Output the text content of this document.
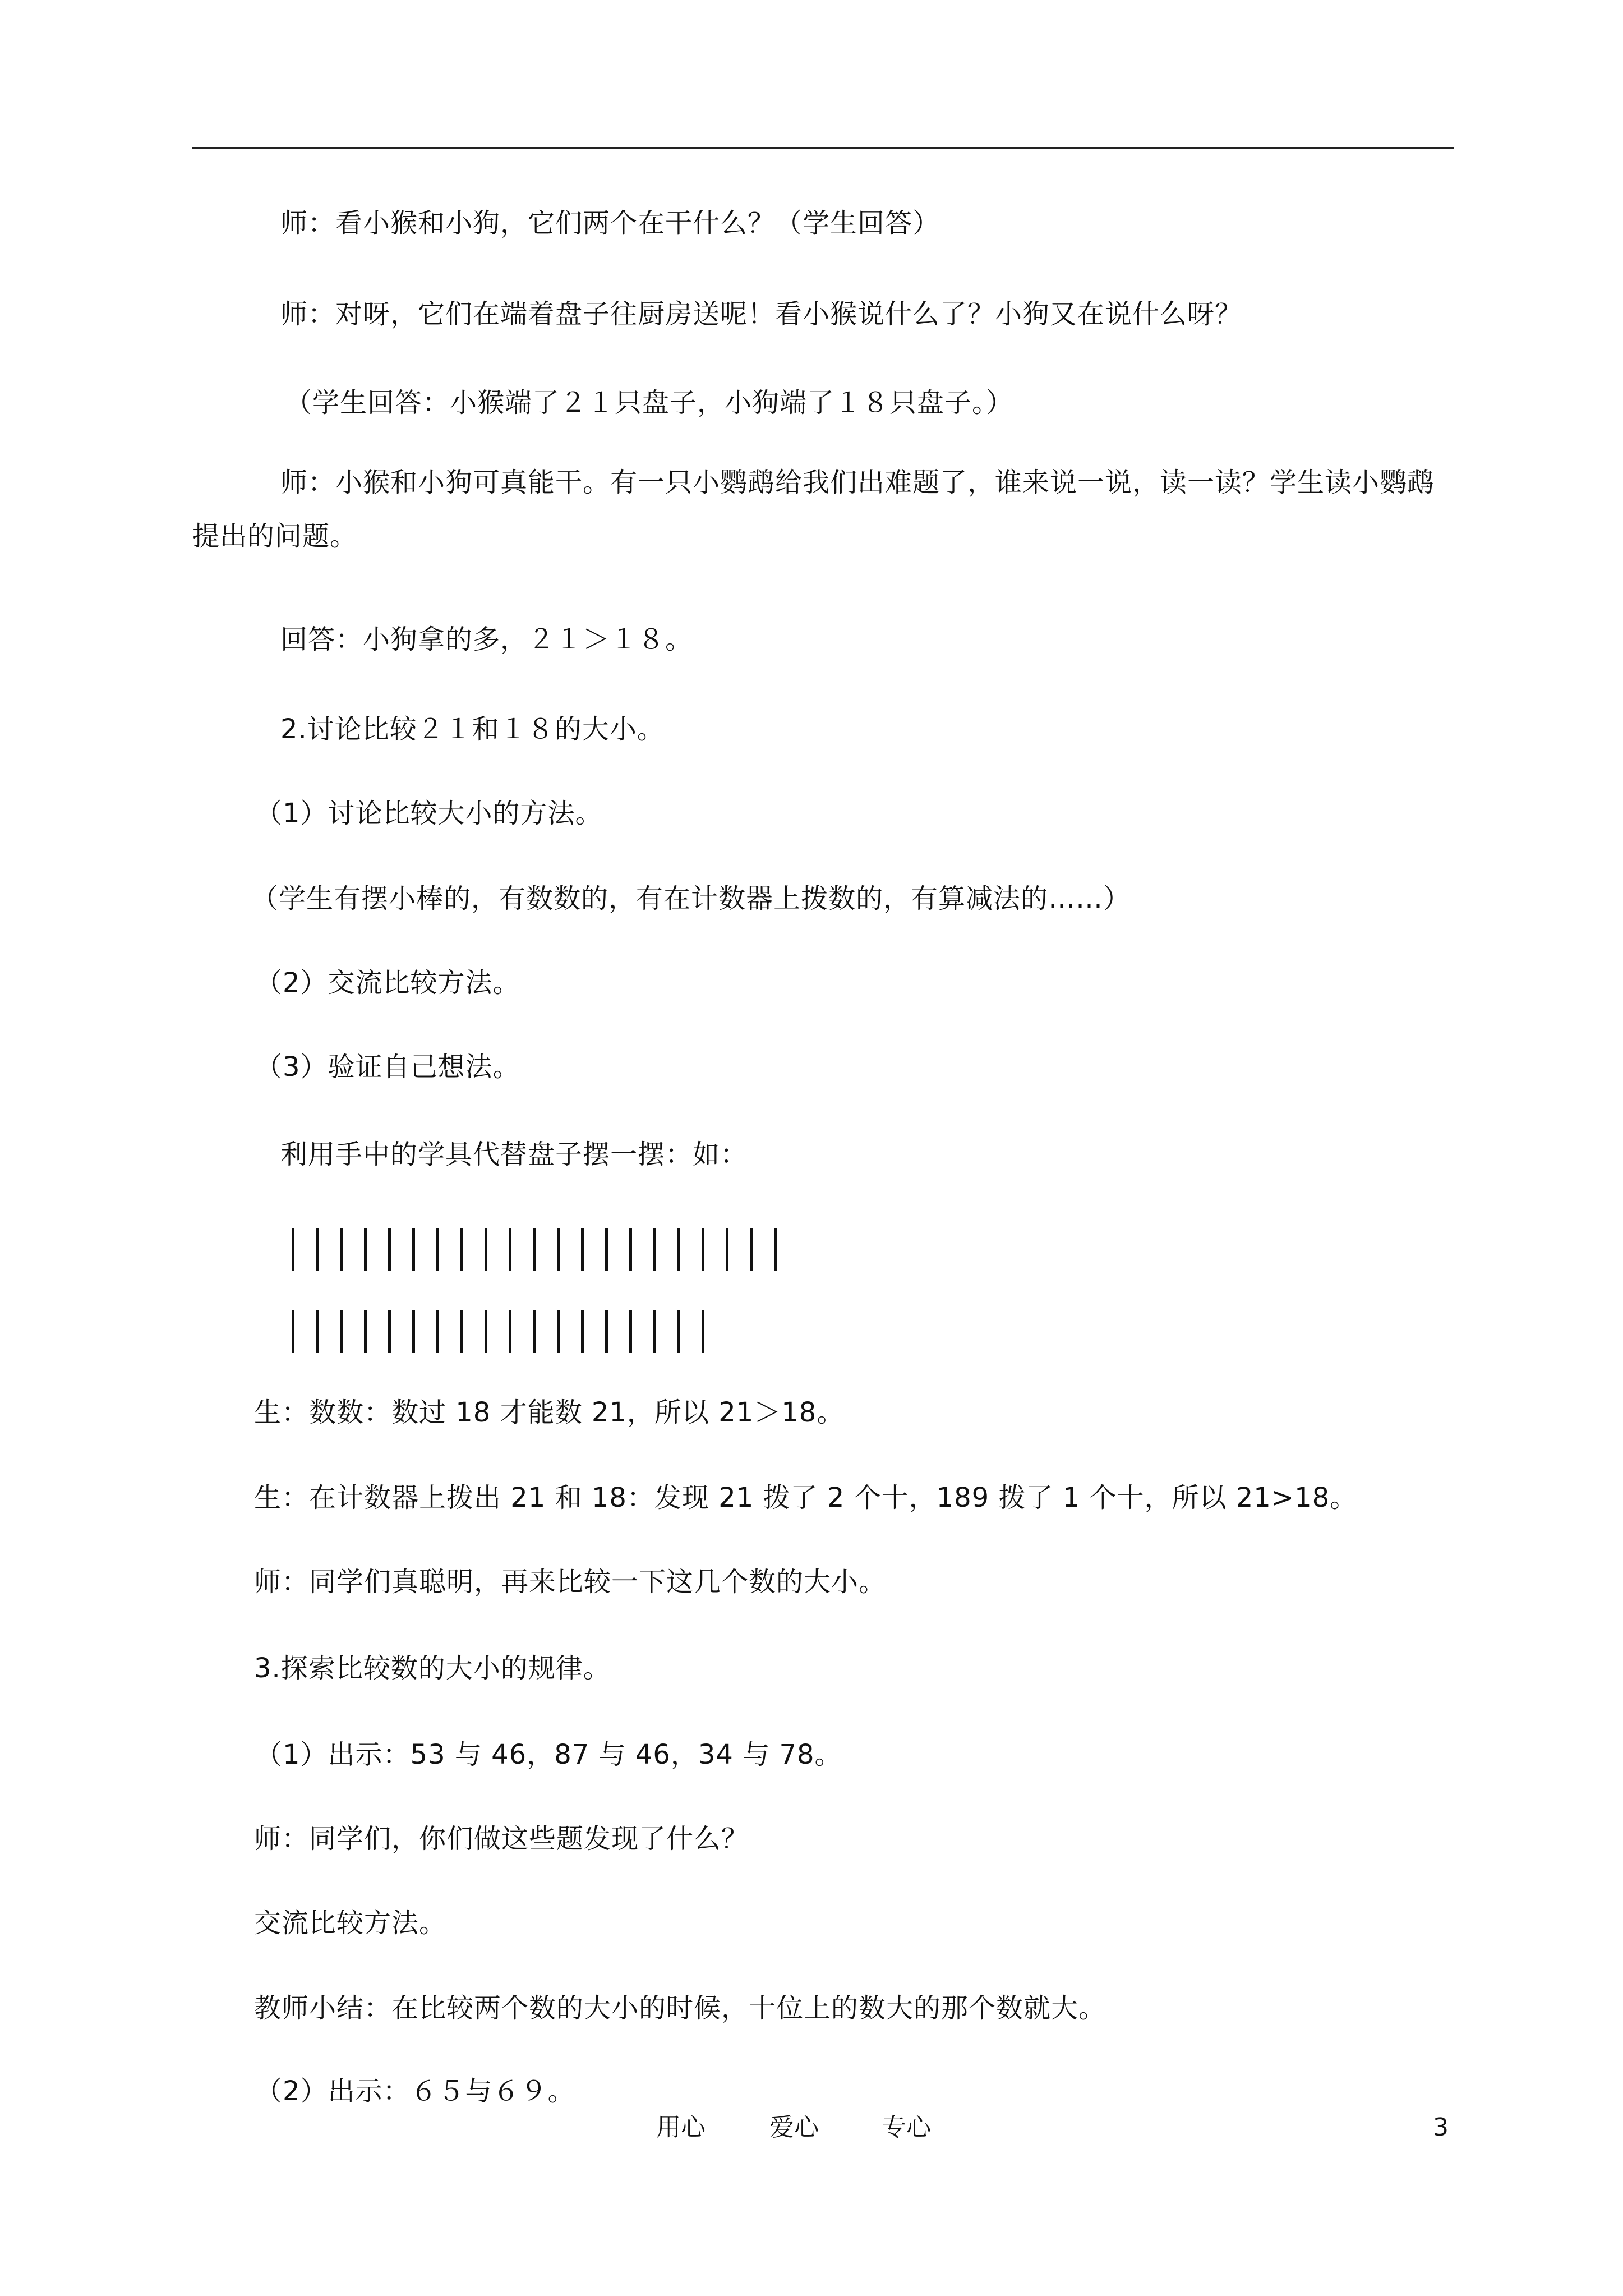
师：看小猴和小狗，它们两个在干什么？（学生回答）
师：对呀，它们在端着盘子往厨房送呢！看小猴说什么了？小狗又在说什么呀？
（学生回答：小猴端了２１只盘子，小狗端了１８只盘子。）
师：小猴和小狗可真能干。有一只小鹦鹉给我们出难题了，谁来说一说，读一读？学生读小鹦鹉提出的问题。
回答：小狗拿的多，２１＞１８。
2.讨论比较２１和１８的大小。
（1）讨论比较大小的方法。
（学生有摆小棒的，有数数的，有在计数器上拨数的，有算减法的……）
（2）交流比较方法。
（3）验证自己想法。
利用手中的学具代替盘子摆一摆：如：
生：数数：数过 18 才能数 21，所以 21＞18。
生：在计数器上拨出 21 和 18：发现 21 拨了 2 个十，189 拨了 1 个十，所以 21>18。
师：同学们真聪明，再来比较一下这几个数的大小。
3.探索比较数的大小的规律。
（1）出示：53 与 46，87 与 46，34 与 78。
师：同学们，你们做这些题发现了什么？
交流比较方法。
教师小结：在比较两个数的大小的时候，十位上的数大的那个数就大。
（2）出示：６５与６９。
用心	爱心	专心	3
